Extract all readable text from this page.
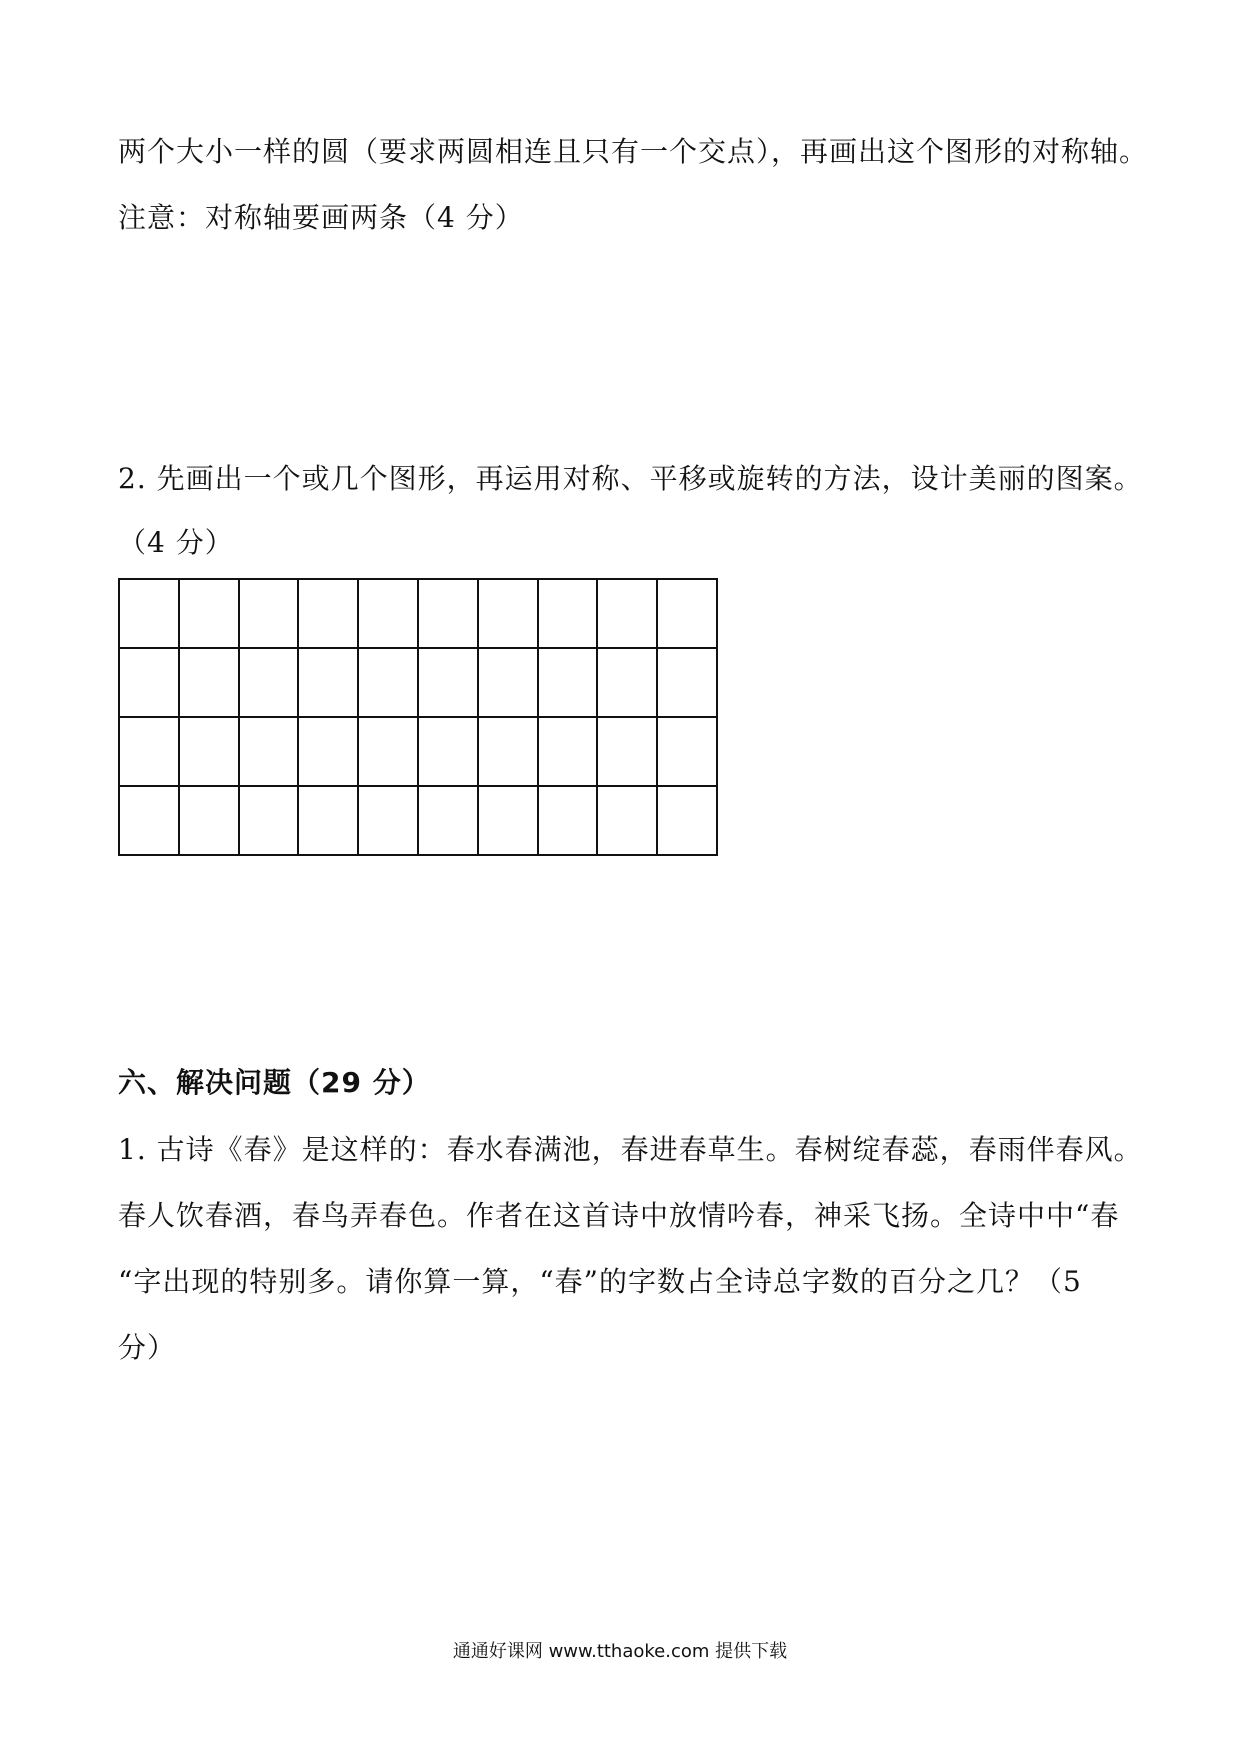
两个大小一样的圆（要求两圆相连且只有一个交点），再画出这个图形的对称轴。
注意：对称轴要画两条（4 分）
2. 先画出一个或几个图形，再运用对称、平移或旋转的方法，设计美丽的图案。
（4 分）

六、解决问题（29 分）
1. 古诗《春》是这样的：春水春满池，春进春草生。春树绽春蕊，春雨伴春风。
春人饮春酒，春鸟弄春色。作者在这首诗中放情吟春，神采飞扬。全诗中中“春
“字出现的特别多。请你算一算，“春”的字数占全诗总字数的百分之几？（5
分）
通通好课网 www.tthaoke.com 提供下载
